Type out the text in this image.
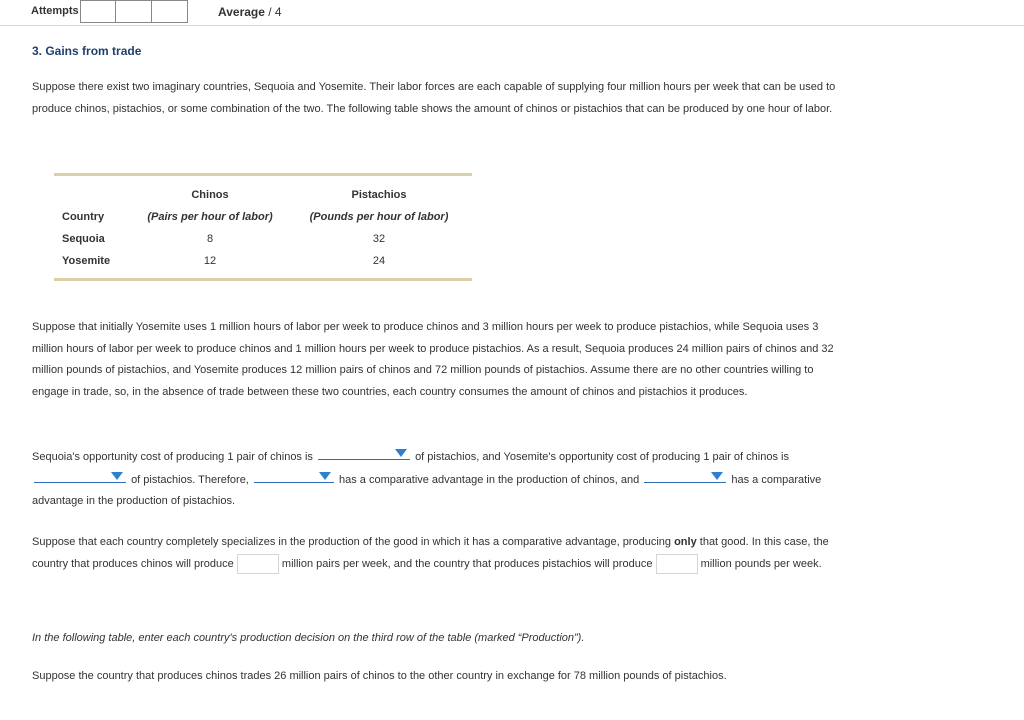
Attempts	Average / 4
3. Gains from trade
Suppose there exist two imaginary countries, Sequoia and Yosemite. Their labor forces are each capable of supplying four million hours per week that can be used to produce chinos, pistachios, or some combination of the two. The following table shows the amount of chinos or pistachios that can be produced by one hour of labor.
	Chinos	Pistachios
Country	(Pairs per hour of labor)	(Pounds per hour of labor)
Sequoia	8	32
Yosemite	12	24
Suppose that initially Yosemite uses 1 million hours of labor per week to produce chinos and 3 million hours per week to produce pistachios, while Sequoia uses 3 million hours of labor per week to produce chinos and 1 million hours per week to produce pistachios. As a result, Sequoia produces 24 million pairs of chinos and 32 million pounds of pistachios, and Yosemite produces 12 million pairs of chinos and 72 million pounds of pistachios. Assume there are no other countries willing to engage in trade, so, in the absence of trade between these two countries, each country consumes the amount of chinos and pistachios it produces.
Sequoia's opportunity cost of producing 1 pair of chinos is	of pistachios, and Yosemite's opportunity cost of producing 1 pair of chinos is
of pistachios. Therefore,	has a comparative advantage in the production of chinos, and	has a comparative advantage in the production of pistachios.
Suppose that each country completely specializes in the production of the good in which it has a comparative advantage, producing only that good. In this case, the country that produces chinos will produce	million pairs per week, and the country that produces pistachios will produce	million pounds per week.
In the following table, enter each country's production decision on the third row of the table (marked “Production”).
Suppose the country that produces chinos trades 26 million pairs of chinos to the other country in exchange for 78 million pounds of pistachios.
